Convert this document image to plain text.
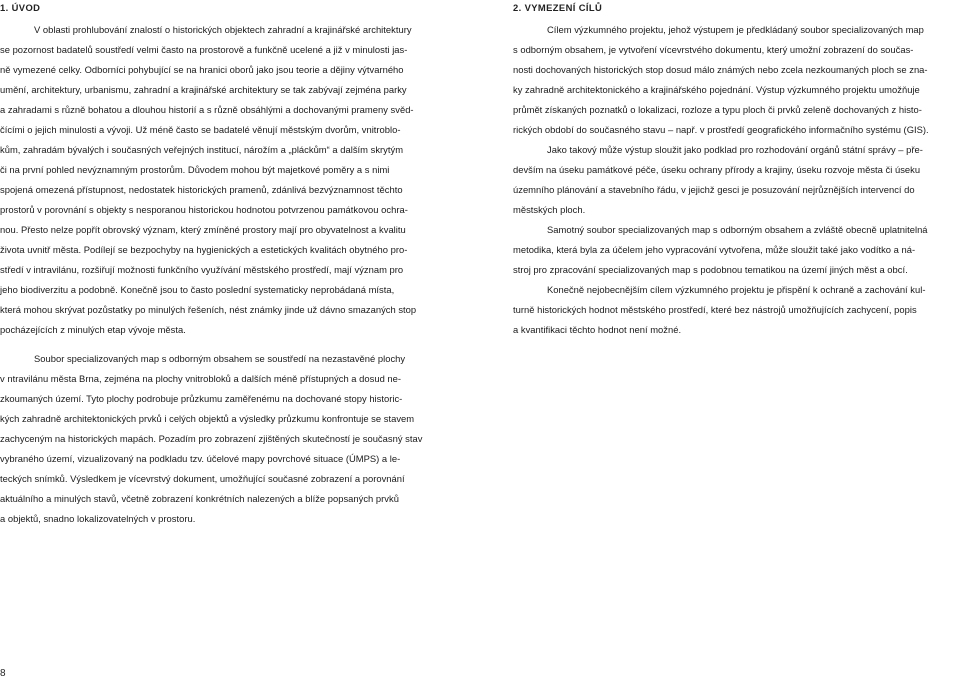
1. ÚVOD
V oblasti prohlubování znalostí o historických objektech zahradní a krajinářské architektury
se pozornost badatelů soustředí velmi často na prostorově a funkčně ucelené a již v minulosti jas-
ně vymezené celky. Odborníci pohybující se na hranici oborů jako jsou teorie a dějiny výtvarného
umění, architektury, urbanismu, zahradní a krajinářské architektury se tak zabývají zejména parky
a zahradami s různě bohatou a dlouhou historií a s různě obsáhlými a dochovanými prameny svěd-
čícími o jejich minulosti a vývoji. Už méně často se badatelé věnují městským dvorům, vnitroblo-
kům, zahradám bývalých i současných veřejných institucí, nárožím a „pláckům“ a dalším skrytým
či na první pohled nevýznamným prostorům. Důvodem mohou být majetkové poměry a s nimi
spojená omezená přístupnost, nedostatek historických pramenů, zdánlivá bezvýznamnost těchto
prostorů v porovnání s objekty s nesporanou historickou hodnotou potvrzenou památkovou ochra-
nou. Přesto nelze popřít obrovský význam, který zmíněné prostory mají pro obyvatelnost a kvalitu
života uvnitř města. Podílejí se bezpochyby na hygienických a estetických kvalitách obytného pro-
středí v intravilánu, rozšiřují možnosti funkčního využívání městského prostředí, mají význam pro
jeho biodiverzitu a podobně. Konečně jsou to často poslední systematicky neprobádaná místa,
která mohou skrývat pozůstatky po minulých řešeních, nést známky jinde už dávno smazaných stop
pocházejících z minulých etap vývoje města.
Soubor specializovaných map s odborným obsahem se soustředí na nezastavěné plochy
v ntravilánu města Brna, zejména na plochy vnitrobloků a dalších méně přístupných a dosud ne-
zkoumaných území. Tyto plochy podrobuje průzkumu zaměřenému na dochované stopy historic-
kých zahradně architektonických prvků i celých objektů a výsledky průzkumu konfrontuje se stavem
zachyceným na historických mapách. Pozadím pro zobrazení zjištěných skutečností je současný stav
vybraného území, vizualizovaný na podkladu tzv. účelové mapy povrchové situace (ÚMPS) a le-
teckých snímků. Výsledkem je vícevrstvý dokument, umožňující současné zobrazení a porovnání
aktuálního a minulých stavů, včetně zobrazení konkrétních nalezených a blíže popsaných prvků
a objektů, snadno lokalizovatelných v prostoru.
2. VYMEZENÍ CÍLŮ
Cílem výzkumného projektu, jehož výstupem je předkládaný soubor specializovaných map
s odborným obsahem, je vytvoření vícevrstvého dokumentu, který umožní zobrazení do součas-
nosti dochovaných historických stop dosud málo známých nebo zcela nezkoumaných ploch se zna-
ky zahradně architektonického a krajinářského pojednání. Výstup výzkumného projektu umožňuje
průmět získaných poznatků o lokalizaci, rozloze a typu ploch či prvků zeleně dochovaných z histo-
rických období do současného stavu – např. v prostředí geografického informačního systému (GIS).
Jako takový může výstup sloužit jako podklad pro rozhodování orgánů státní správy – pře-
devším na úseku památkové péče, úseku ochrany přírody a krajiny, úseku rozvoje města či úseku
územního plánování a stavebního řádu, v jejichž gesci je posuzování nejrůznějších intervencí do
městských ploch.
Samotný soubor specializovaných map s odborným obsahem a zvláště obecně uplatnitelná
metodika, která byla za účelem jeho vypracování vytvořena, může sloužit také jako vodítko a ná-
stroj pro zpracování specializovaných map s podobnou tematikou na území jiných měst a obcí.
Konečně nejobecnějším cílem výzkumného projektu je přispění k ochraně a zachování kul-
turně historických hodnot městského prostředí, které bez nástrojů umožňujících zachycení, popis
a kvantifikaci těchto hodnot není možné.
8
